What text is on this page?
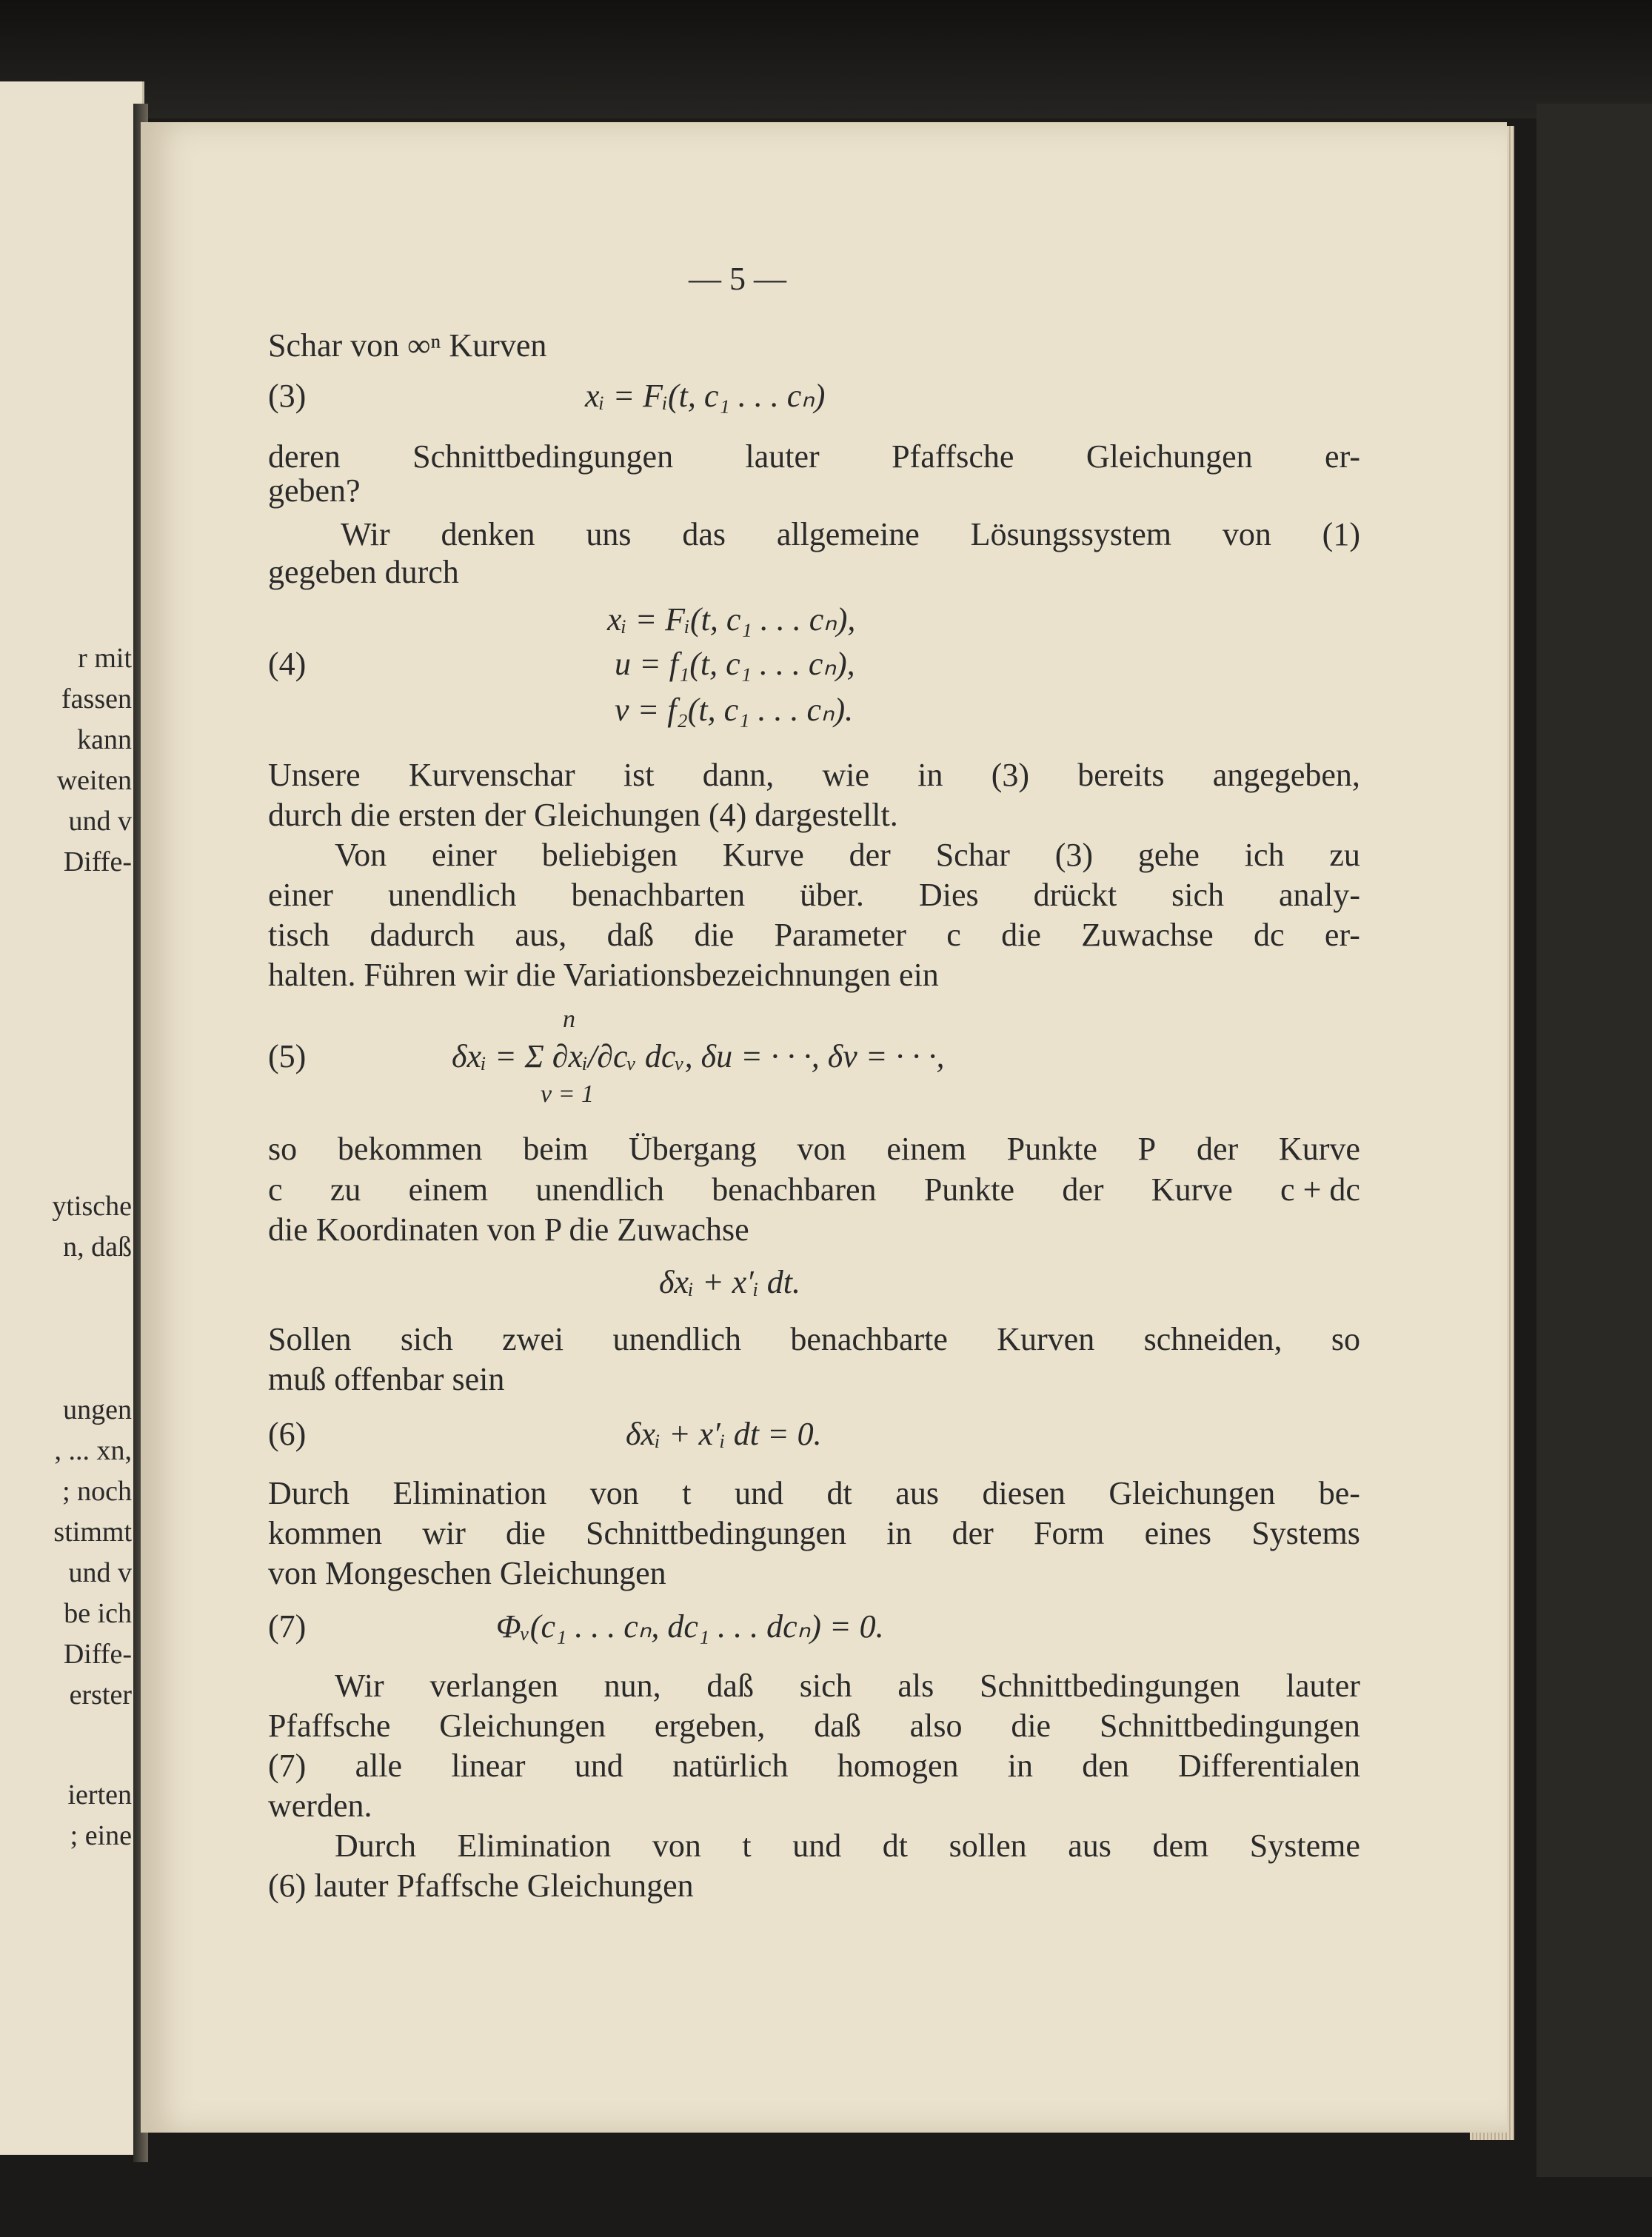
r mit
fassen
kann
weiten
und v
Diffe-
ytische
n, daß
ungen
, ... xn,
; noch
stimmt
und v
be ich
Diffe-
erster
ierten
; eine
— 5 —
Schar von ∞ⁿ Kurven
(3)	xᵢ = Fᵢ(t, c₁ . . . cₙ)
deren Schnittbedingungen lauter Pfaffsche Gleichungen er-
geben?
Wir denken uns das allgemeine Lösungssystem von (1)
gegeben durch
xᵢ = Fᵢ(t, c₁ . . . cₙ),
(4)	u = f₁(t, c₁ . . . cₙ),
v = f₂(t, c₁ . . . cₙ).
Unsere Kurvenschar ist dann, wie in (3) bereits angegeben,
durch die ersten der Gleichungen (4) dargestellt.
Von einer beliebigen Kurve der Schar (3) gehe ich zu
einer unendlich benachbarten über. Dies drückt sich analy-
tisch dadurch aus, daß die Parameter c die Zuwachse dc er-
halten. Führen wir die Variationsbezeichnungen ein
n
(5)	δxᵢ = Σ ∂xᵢ/∂cᵥ dcᵥ, δu = · · ·, δv = · · ·,
v = 1
so bekommen beim Übergang von einem Punkte P der Kurve
c zu einem unendlich benachbaren Punkte der Kurve c + dc
die Koordinaten von P die Zuwachse
δxᵢ + x′ᵢ dt.
Sollen sich zwei unendlich benachbarte Kurven schneiden, so
muß offenbar sein
(6)	δxᵢ + x′ᵢ dt = 0.
Durch Elimination von t und dt aus diesen Gleichungen be-
kommen wir die Schnittbedingungen in der Form eines Systems
von Mongeschen Gleichungen
(7)	Φᵥ(c₁ . . . cₙ, dc₁ . . . dcₙ) = 0.
Wir verlangen nun, daß sich als Schnittbedingungen lauter
Pfaffsche Gleichungen ergeben, daß also die Schnittbedingungen
(7) alle linear und natürlich homogen in den Differentialen
werden.
Durch Elimination von t und dt sollen aus dem Systeme
(6) lauter Pfaffsche Gleichungen
